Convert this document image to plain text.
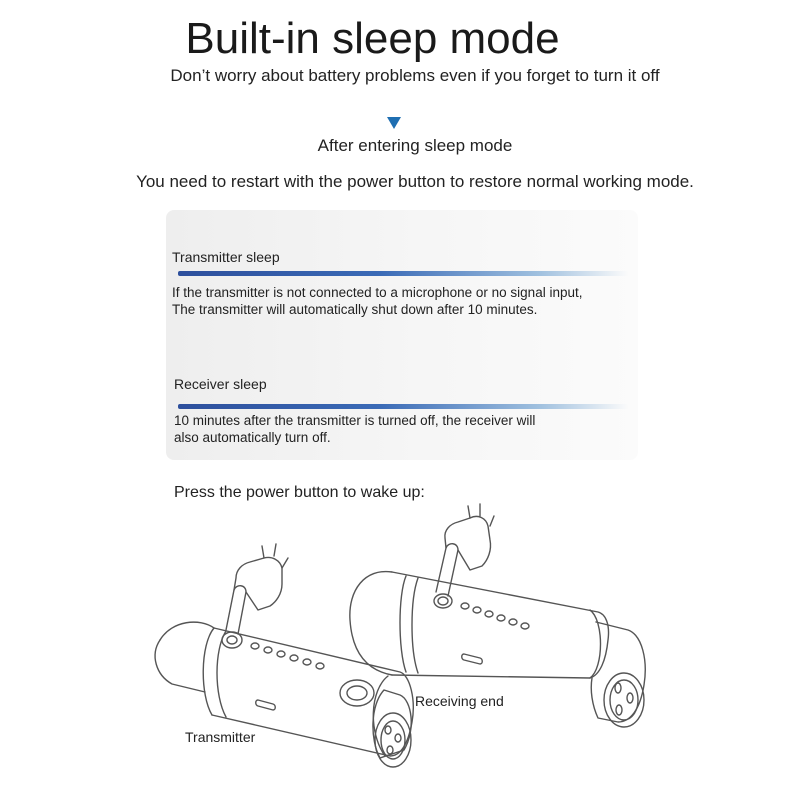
Built-in sleep mode
Don’t worry about battery problems even if you forget to turn it off
After entering sleep mode
You need to restart with the power button to restore normal working mode.
Transmitter sleep
If the transmitter is not connected to a microphone or no signal input,
The transmitter will automatically shut down after 10 minutes.
Receiver sleep
10 minutes after the transmitter is turned off, the receiver will
also automatically turn off.
Press the power button to wake up:
Transmitter
Receiving end
